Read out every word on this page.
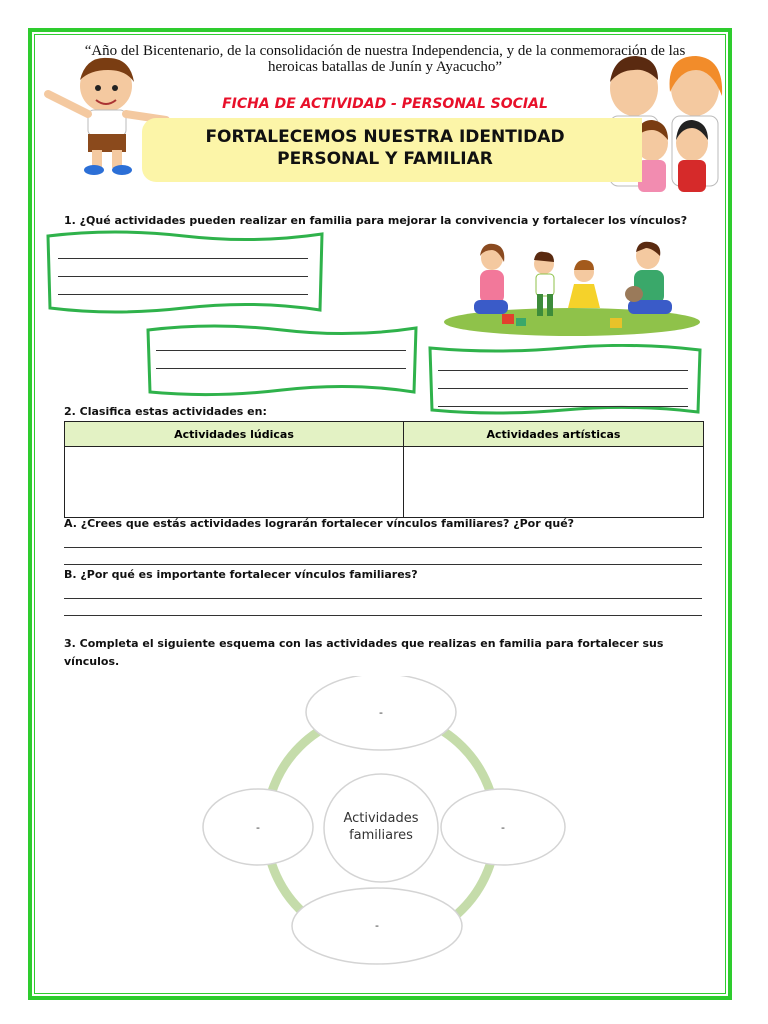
“Año del Bicentenario, de la consolidación de nuestra Independencia, y de la conmemoración de las heroicas batallas de Junín y Ayacucho”
FICHA DE ACTIVIDAD - PERSONAL SOCIAL
FORTALECEMOS NUESTRA IDENTIDAD
PERSONAL Y FAMILIAR
1. ¿Qué actividades pueden realizar en familia para mejorar la convivencia y fortalecer los vínculos?
2. Clasifica estas actividades en:
Actividades lúdicas	Actividades artísticas

A. ¿Crees que estás actividades lograrán fortalecer vínculos familiares? ¿Por qué?
B. ¿Por qué es importante fortalecer vínculos familiares?
3. Completa el siguiente esquema con las actividades que realizas en familia para fortalecer sus vínculos.
-
-
-
-
Actividades
familiares
